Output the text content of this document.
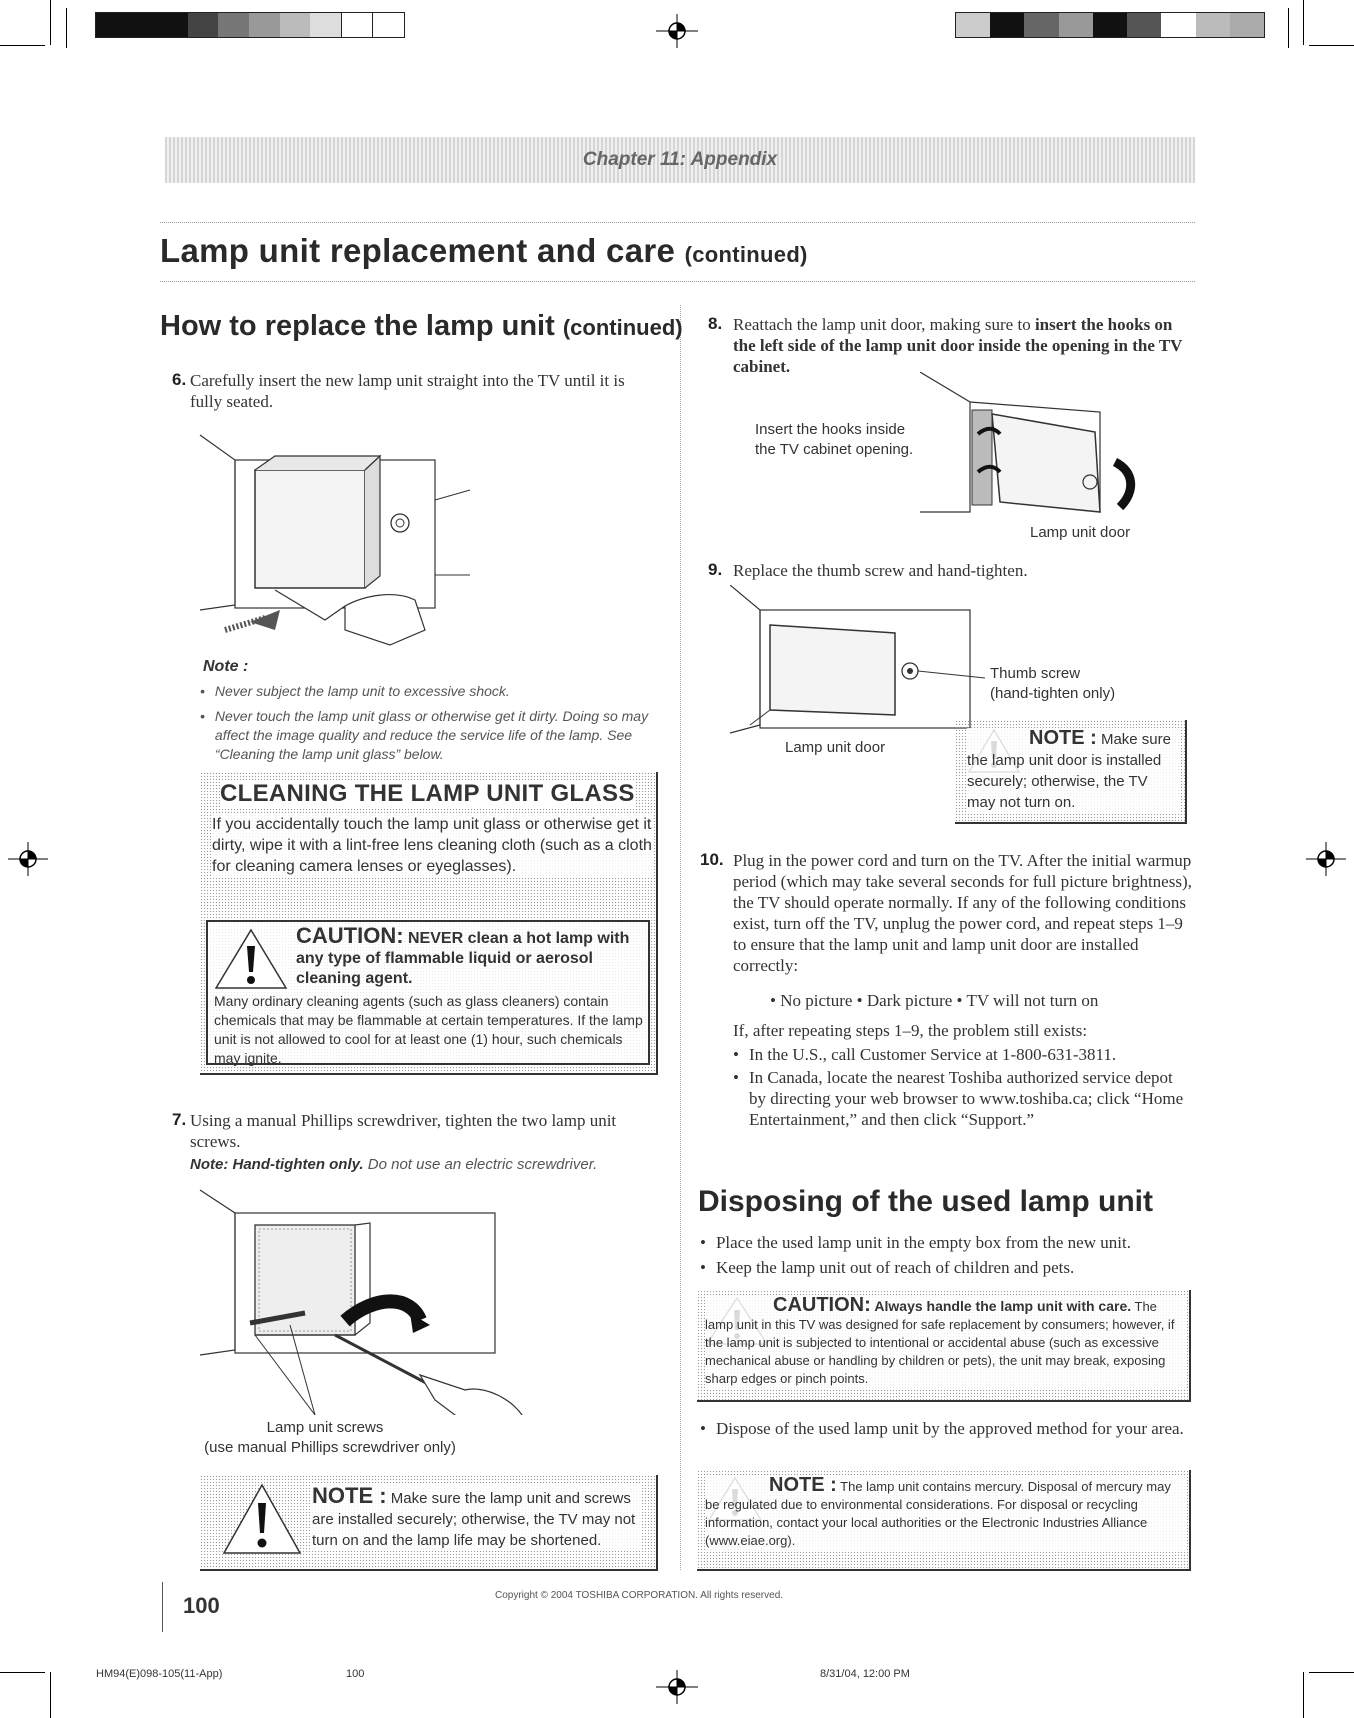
Chapter 11: Appendix
Lamp unit replacement and care (continued)
How to replace the lamp unit (continued)
6. Carefully insert the new lamp unit straight into the TV until it is fully seated.
Note :
• Never subject the lamp unit to excessive shock.
• Never touch the lamp unit glass or otherwise get it dirty. Doing so may affect the image quality and reduce the service life of the lamp. See “Cleaning the lamp unit glass” below.
CLEANING THE LAMP UNIT GLASS
If you accidentally touch the lamp unit glass or otherwise get it dirty, wipe it with a lint-free lens cleaning cloth (such as a cloth for cleaning camera lenses or eyeglasses).
CAUTION: NEVER clean a hot lamp with any type of flammable liquid or aerosol cleaning agent.
Many ordinary cleaning agents (such as glass cleaners) contain chemicals that may be flammable at certain temperatures. If the lamp unit is not allowed to cool for at least one (1) hour, such chemicals may ignite.
7. Using a manual Phillips screwdriver, tighten the two lamp unit screws.
Note: Hand-tighten only. Do not use an electric screwdriver.
Lamp unit screws
(use manual Phillips screwdriver only)
NOTE : Make sure the lamp unit and screws are installed securely; otherwise, the TV may not turn on and the lamp life may be shortened.
8. Reattach the lamp unit door, making sure to insert the hooks on the left side of the lamp unit door inside the opening in the TV cabinet.
Insert the hooks inside
the TV cabinet opening.
Lamp unit door
9. Replace the thumb screw and hand-tighten.
Thumb screw
(hand-tighten only)
Lamp unit door	NOTE : Make sure the lamp unit door is installed securely; otherwise, the TV may not turn on.
10. Plug in the power cord and turn on the TV. After the initial warmup period (which may take several seconds for full picture brightness), the TV should operate normally. If any of the following conditions exist, turn off the TV, unplug the power cord, and repeat steps 1–9 to ensure that the lamp unit and lamp unit door are installed correctly:
• No picture • Dark picture • TV will not turn on
If, after repeating steps 1–9, the problem still exists:
• In the U.S., call Customer Service at 1-800-631-3811.
• In Canada, locate the nearest Toshiba authorized service depot by directing your web browser to www.toshiba.ca; click “Home Entertainment,” and then click “Support.”
Disposing of the used lamp unit
• Place the used lamp unit in the empty box from the new unit.
• Keep the lamp unit out of reach of children and pets.
CAUTION: Always handle the lamp unit with care. The lamp unit in this TV was designed for safe replacement by consumers; however, if the lamp unit is subjected to intentional or accidental abuse (such as excessive mechanical abuse or handling by children or pets), the unit may break, exposing sharp edges or pinch points.
• Dispose of the used lamp unit by the approved method for your area.
NOTE : The lamp unit contains mercury. Disposal of mercury may be regulated due to environmental considerations. For disposal or recycling information, contact your local authorities or the Electronic Industries Alliance (www.eiae.org).
100	Copyright © 2004 TOSHIBA CORPORATION. All rights reserved.
HM94(E)098-105(11-App)	100	8/31/04, 12:00 PM
